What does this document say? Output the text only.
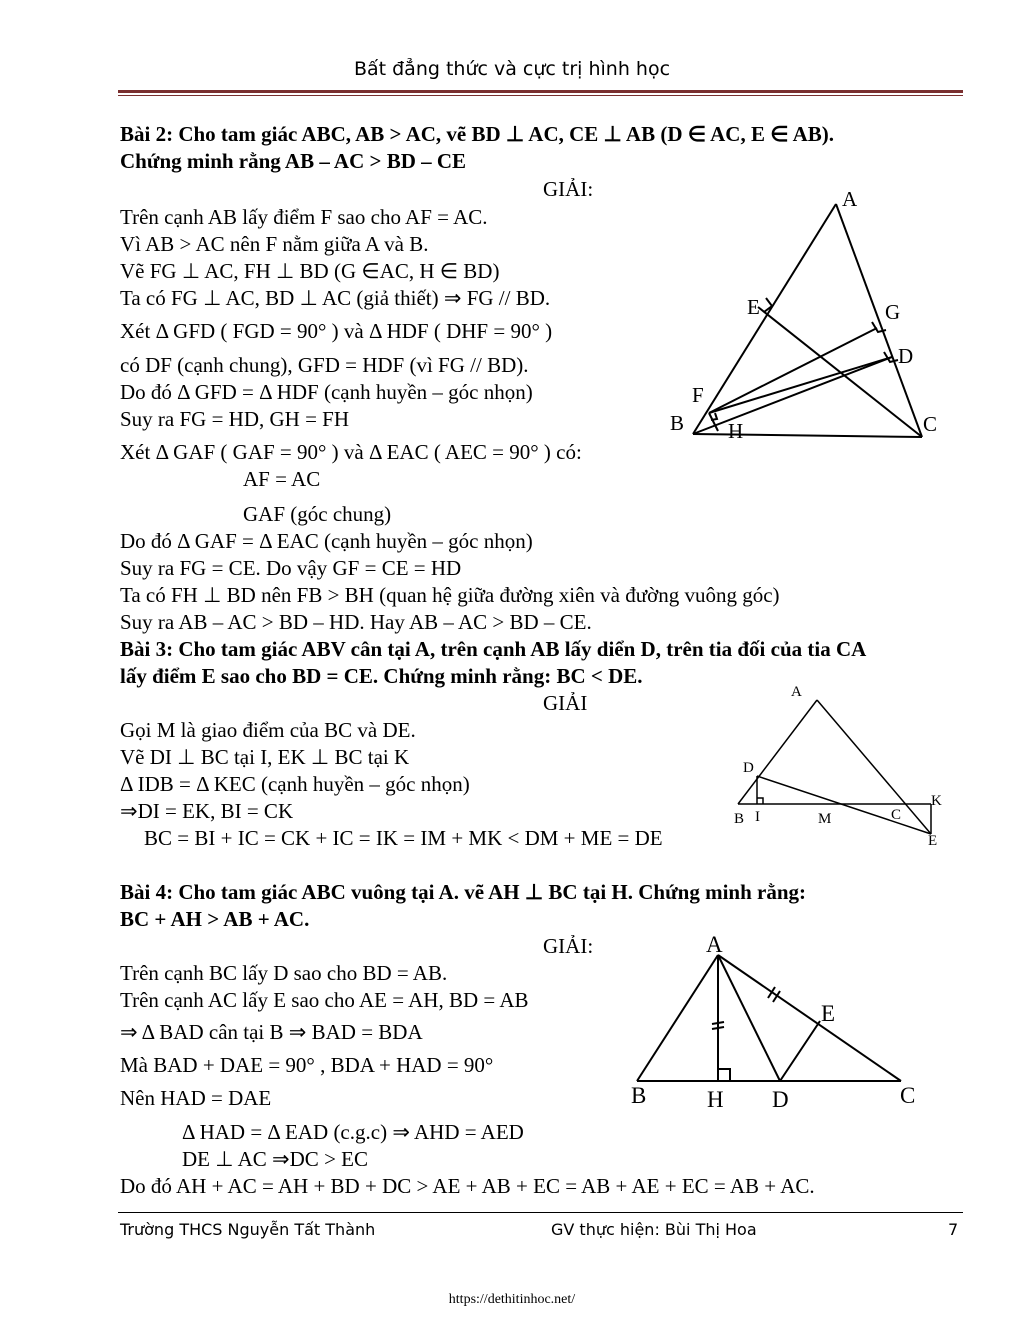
Bất đẳng thức và cực trị hình học
Bài 2: Cho tam giác ABC, AB > AC, vẽ BD ⊥ AC, CE ⊥ AB (D ∈ AC, E ∈ AB).
Chứng minh rằng AB – AC > BD – CE
GIẢI:
Trên cạnh AB lấy điểm F sao cho AF = AC.
Vì AB > AC nên F nằm giữa A và B.
Vẽ FG ⊥ AC, FH ⊥ BD (G ∈AC, H ∈ BD)
Ta có FG ⊥ AC, BD ⊥ AC (giả thiết) ⇒ FG // BD.
Xét Δ GFD ( FGD = 90° ) và Δ HDF ( DHF = 90° )
có DF (cạnh chung), GFD = HDF (vì FG // BD).
Do đó Δ GFD = Δ HDF (cạnh huyền – góc nhọn)
Suy ra FG = HD, GH = FH
Xét Δ GAF ( GAF = 90° ) và Δ EAC ( AEC = 90° ) có:
AF = AC
GAF (góc chung)
Do đó Δ GAF = Δ EAC (cạnh huyền – góc nhọn)
Suy ra FG = CE. Do vậy GF = CE = HD
Ta có FH ⊥ BD nên FB > BH (quan hệ giữa đường xiên và đường vuông góc)
Suy ra AB – AC > BD – HD. Hay AB – AC > BD – CE.
A
E	G
D
F
B H	C
Bài 3: Cho tam giác ABV cân tại A, trên cạnh AB lấy diển D, trên tia đối của tia CA
lấy điểm E sao cho BD = CE. Chứng minh rằng: BC < DE.
GIẢI
Gọi M là giao điểm của BC và DE.
Vẽ DI ⊥ BC tại I, EK ⊥ BC tại K
Δ IDB = Δ KEC (cạnh huyền – góc nhọn)
⇒DI = EK, BI = CK
BC = BI + IC = CK + IC = IK = IM + MK < DM + ME = DE
A
D
K
B I	M	C
E
Bài 4: Cho tam giác ABC vuông tại A. vẽ AH ⊥ BC tại H. Chứng minh rằng:
BC + AH > AB + AC.
GIẢI:
Trên cạnh BC lấy D sao cho BD = AB.
Trên cạnh AC lấy E sao cho AE = AH, BD = AB
⇒ Δ BAD cân tại B ⇒ BAD = BDA
Mà BAD + DAE = 90° , BDA + HAD = 90°
Nên HAD = DAE
Δ HAD = Δ EAD (c.g.c) ⇒ AHD = AED
DE ⊥ AC ⇒DC > EC
Do đó AH + AC = AH + BD + DC > AE + AB + EC = AB + AE + EC = AB + AC.
A
E
B	H D	C
Trường THCS Nguyễn Tất Thành	GV thực hiện: Bùi Thị Hoa	7
https://dethitinhoc.net/
